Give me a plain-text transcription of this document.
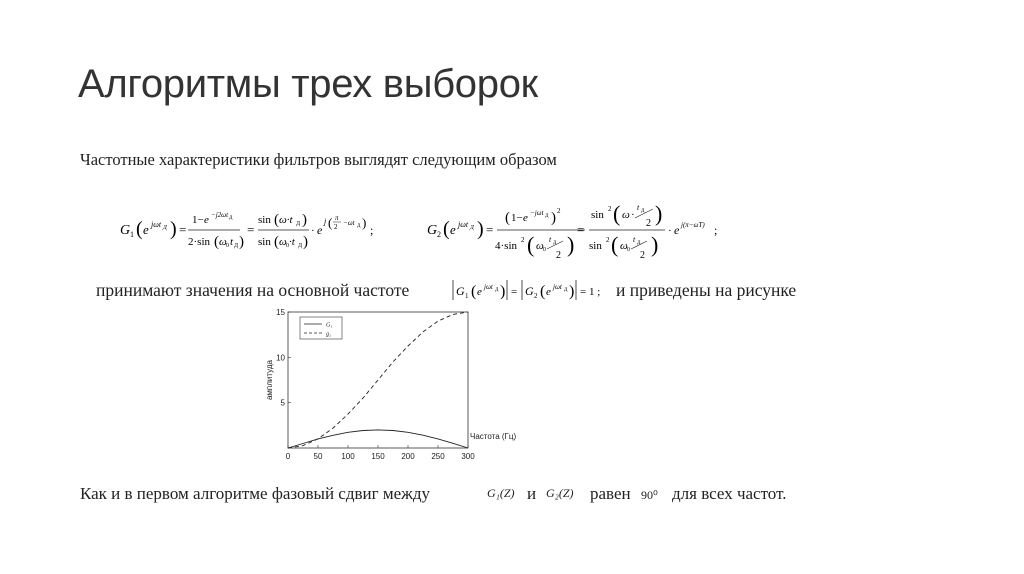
Алгоритмы трех выборок
Частотные характеристики фильтров выглядят следующим образом
G 1 ( e jωt Д ) =
1− e −j2ωt Д
2·sin ( ω 0 t Д )
=
sin ( ω·t Д )
sin ( ω 0 ·t Д )
· e
j ( π
2 −ωt Д ) ;	G 2 ( e jωt Д ) =
( 1− e −jωt Д ) 2
4·sin 2 ( ω 0
t Д
2 )
=
sin 2 ( ω ·
t Д
2 )
sin 2 ( ω 0
t Д
2 )
· e j(π−ωT) ;
принимают значения на основной частоте	G 1 ( e jωt Д ) = G 2 ( e jωt Д ) = 1 ; и приведены на рисунке
0	50 100 150 200 250 300
5
10
15
амплитуда
Частота (Гц)
G₁
g₂
Как и в первом алгоритме фазовый сдвиг между	G₁(Z) и G₂(Z) равен 90⁰ для всех частот.
